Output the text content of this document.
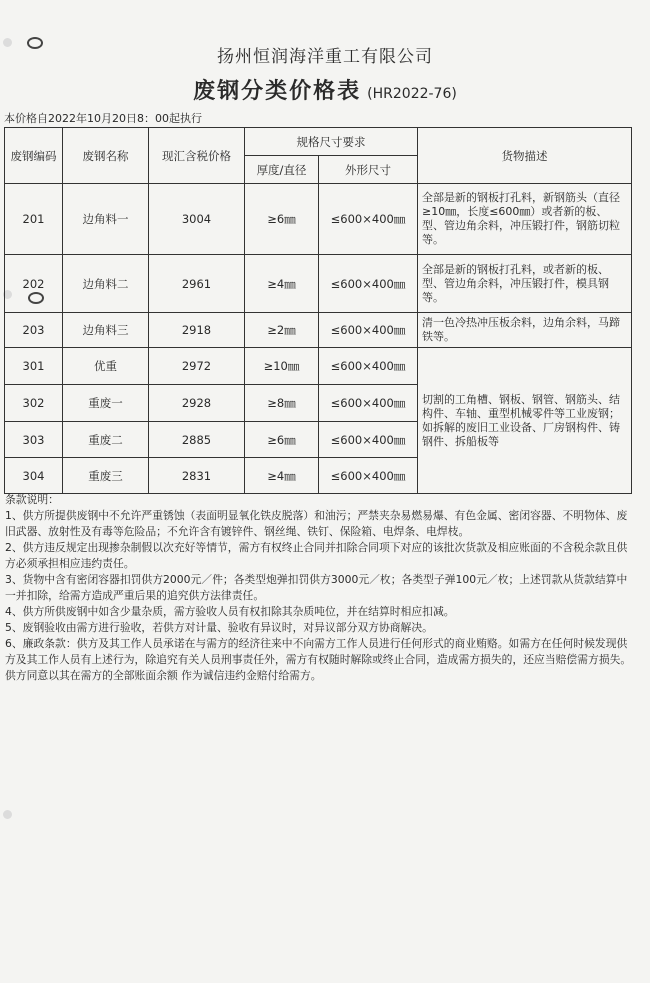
扬州恒润海洋重工有限公司
废钢分类价格表 (HR2022-76)
本价格自2022年10月20日8：00起执行
废钢编码	废钢名称	现汇含税价格	规格尺寸要求		货物描述
			厚度/直径	外形尺寸	
201	边角料一	3004	≥6㎜	≤600×400㎜	全部是新的钢板打孔料，新钢筋头（直径≥10㎜，长度≤600㎜）或者新的板、型、管边角余料，冲压锻打件，钢筋切粒等。
202	边角料二	2961	≥4㎜	≤600×400㎜	全部是新的钢板打孔料，或者新的板、型、管边角余料，冲压锻打件，模具钢等。
203	边角料三	2918	≥2㎜	≤600×400㎜	清一色冷热冲压板余料，边角余料，马蹄铁等。
301	优重	2972	≥10㎜	≤600×400㎜	切割的工角槽、钢板、钢管、钢筋头、结构件、车轴、重型机械零件等工业废钢；如拆解的废旧工业设备、厂房钢构件、铸钢件、拆船板等
302	重废一	2928	≥8㎜	≤600×400㎜	
303	重废二	2885	≥6㎜	≤600×400㎜	
304	重废三	2831	≥4㎜	≤600×400㎜	

条款说明：

1、供方所提供废钢中不允许严重锈蚀（表面明显氧化铁皮脱落）和油污；严禁夹杂易燃易爆、有色金属、密闭容器、不明物体、废旧武器、放射性及有毒等危险品；不允许含有镀锌件、钢丝绳、铁钉、保险箱、电焊条、电焊枝。

2、供方违反规定出现掺杂制假以次充好等情节，需方有权终止合同并扣除合同项下对应的该批次货款及相应账面的不含税余款且供方必须承担相应违约责任。

3、货物中含有密闭容器扣罚供方2000元／件；各类型炮弹扣罚供方3000元／枚；各类型子弹100元／枚；上述罚款从货款结算中一并扣除，给需方造成严重后果的追究供方法律责任。

4、供方所供废钢中如含少量杂质，需方验收人员有权扣除其杂质吨位，并在结算时相应扣减。

5、废钢验收由需方进行验收，若供方对计量、验收有异议时，对异议部分双方协商解决。

6、廉政条款：供方及其工作人员承诺在与需方的经济往来中不向需方工作人员进行任何形式的商业贿赂。如需方在任何时候发现供方及其工作人员有上述行为，除追究有关人员刑事责任外，需方有权随时解除或终止合同，造成需方损失的，还应当赔偿需方损失。供方同意以其在需方的全部账面余额 作为诚信违约金赔付给需方。
